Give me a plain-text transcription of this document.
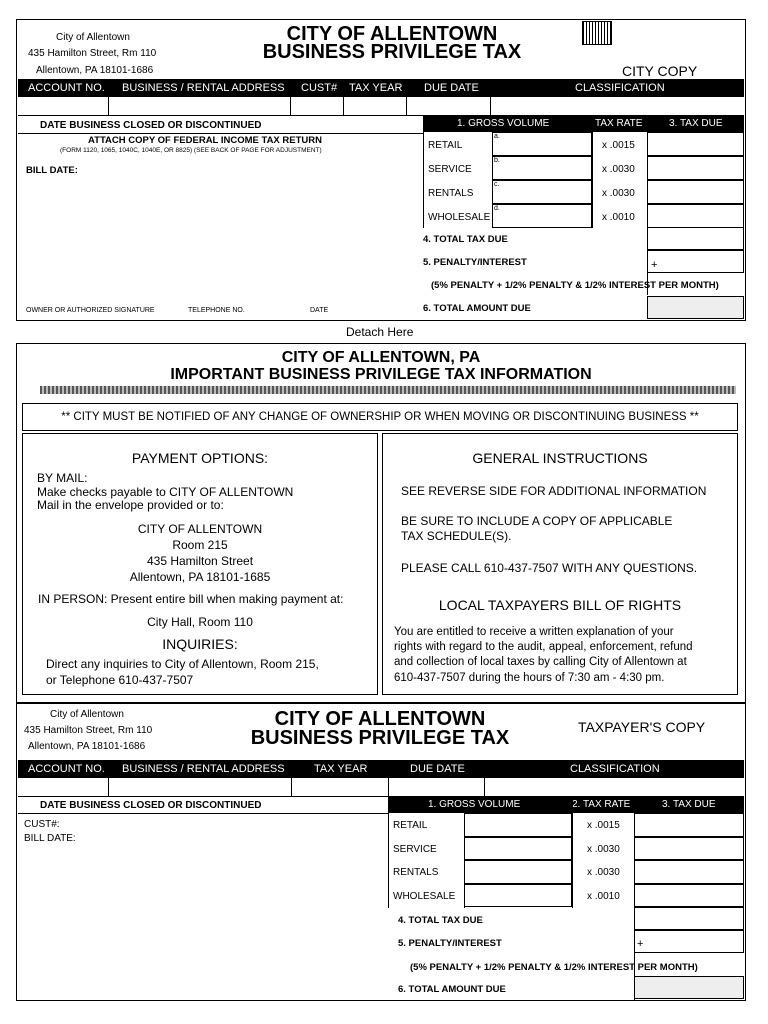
City of Allentown
435 Hamilton Street, Rm 110
Allentown, PA 18101-1686
CITY OF ALLENTOWN
BUSINESS PRIVILEGE TAX
CITY COPY
ACCOUNT NO. BUSINESS / RENTAL ADDRESS CUST# TAX YEAR DUE DATE	CLASSIFICATION
DATE BUSINESS CLOSED OR DISCONTINUED
ATTACH COPY OF FEDERAL INCOME TAX RETURN
(FORM 1120, 1065, 1040C, 1040E, OR 8825) (SEE BACK OF PAGE FOR ADJUSTMENT)
BILL DATE:
OWNER OR AUTHORIZED SIGNATURE	TELEPHONE NO.	DATE
1. GROSS VOLUME	TAX RATE	3. TAX DUE
RETAIL
a.
x .0015
SERVICE
b.
x .0030
RENTALS
c.
x .0030
WHOLESALE
d.
x .0010
4. TOTAL TAX DUE
5. PENALTY/INTEREST	+
(5% PENALTY + 1/2% PENALTY & 1/2% INTEREST PER MONTH)
6. TOTAL AMOUNT DUE
Detach Here
CITY OF ALLENTOWN, PA
IMPORTANT BUSINESS PRIVILEGE TAX INFORMATION
** CITY MUST BE NOTIFIED OF ANY CHANGE OF OWNERSHIP OR WHEN MOVING OR DISCONTINUING BUSINESS **
PAYMENT OPTIONS:
BY MAIL:
Make checks payable to CITY OF ALLENTOWN
Mail in the envelope provided or to:
CITY OF ALLENTOWN
Room 215
435 Hamilton Street
Allentown, PA 18101-1685
IN PERSON: Present entire bill when making payment at:
City Hall, Room 110
INQUIRIES:
Direct any inquiries to City of Allentown, Room 215,
or Telephone 610-437-7507
GENERAL INSTRUCTIONS
SEE REVERSE SIDE FOR ADDITIONAL INFORMATION
BE SURE TO INCLUDE A COPY OF APPLICABLE
TAX SCHEDULE(S).
PLEASE CALL 610-437-7507 WITH ANY QUESTIONS.
LOCAL TAXPAYERS BILL OF RIGHTS
You are entitled to receive a written explanation of your
rights with regard to the audit, appeal, enforcement, refund
and collection of local taxes by calling City of Allentown at
610-437-7507 during the hours of 7:30 am - 4:30 pm.
City of Allentown
435 Hamilton Street, Rm 110
Allentown, PA 18101-1686
CITY OF ALLENTOWN
BUSINESS PRIVILEGE TAX	TAXPAYER'S COPY
ACCOUNT NO. BUSINESS / RENTAL ADDRESS	TAX YEAR	DUE DATE	CLASSIFICATION
DATE BUSINESS CLOSED OR DISCONTINUED
CUST#:
BILL DATE:
1. GROSS VOLUME	2. TAX RATE	3. TAX DUE
RETAIL	x .0015
SERVICE	x .0030
RENTALS	x .0030
WHOLESALE	x .0010
4. TOTAL TAX DUE
5. PENALTY/INTEREST	+
(5% PENALTY + 1/2% PENALTY & 1/2% INTEREST PER MONTH)
6. TOTAL AMOUNT DUE
